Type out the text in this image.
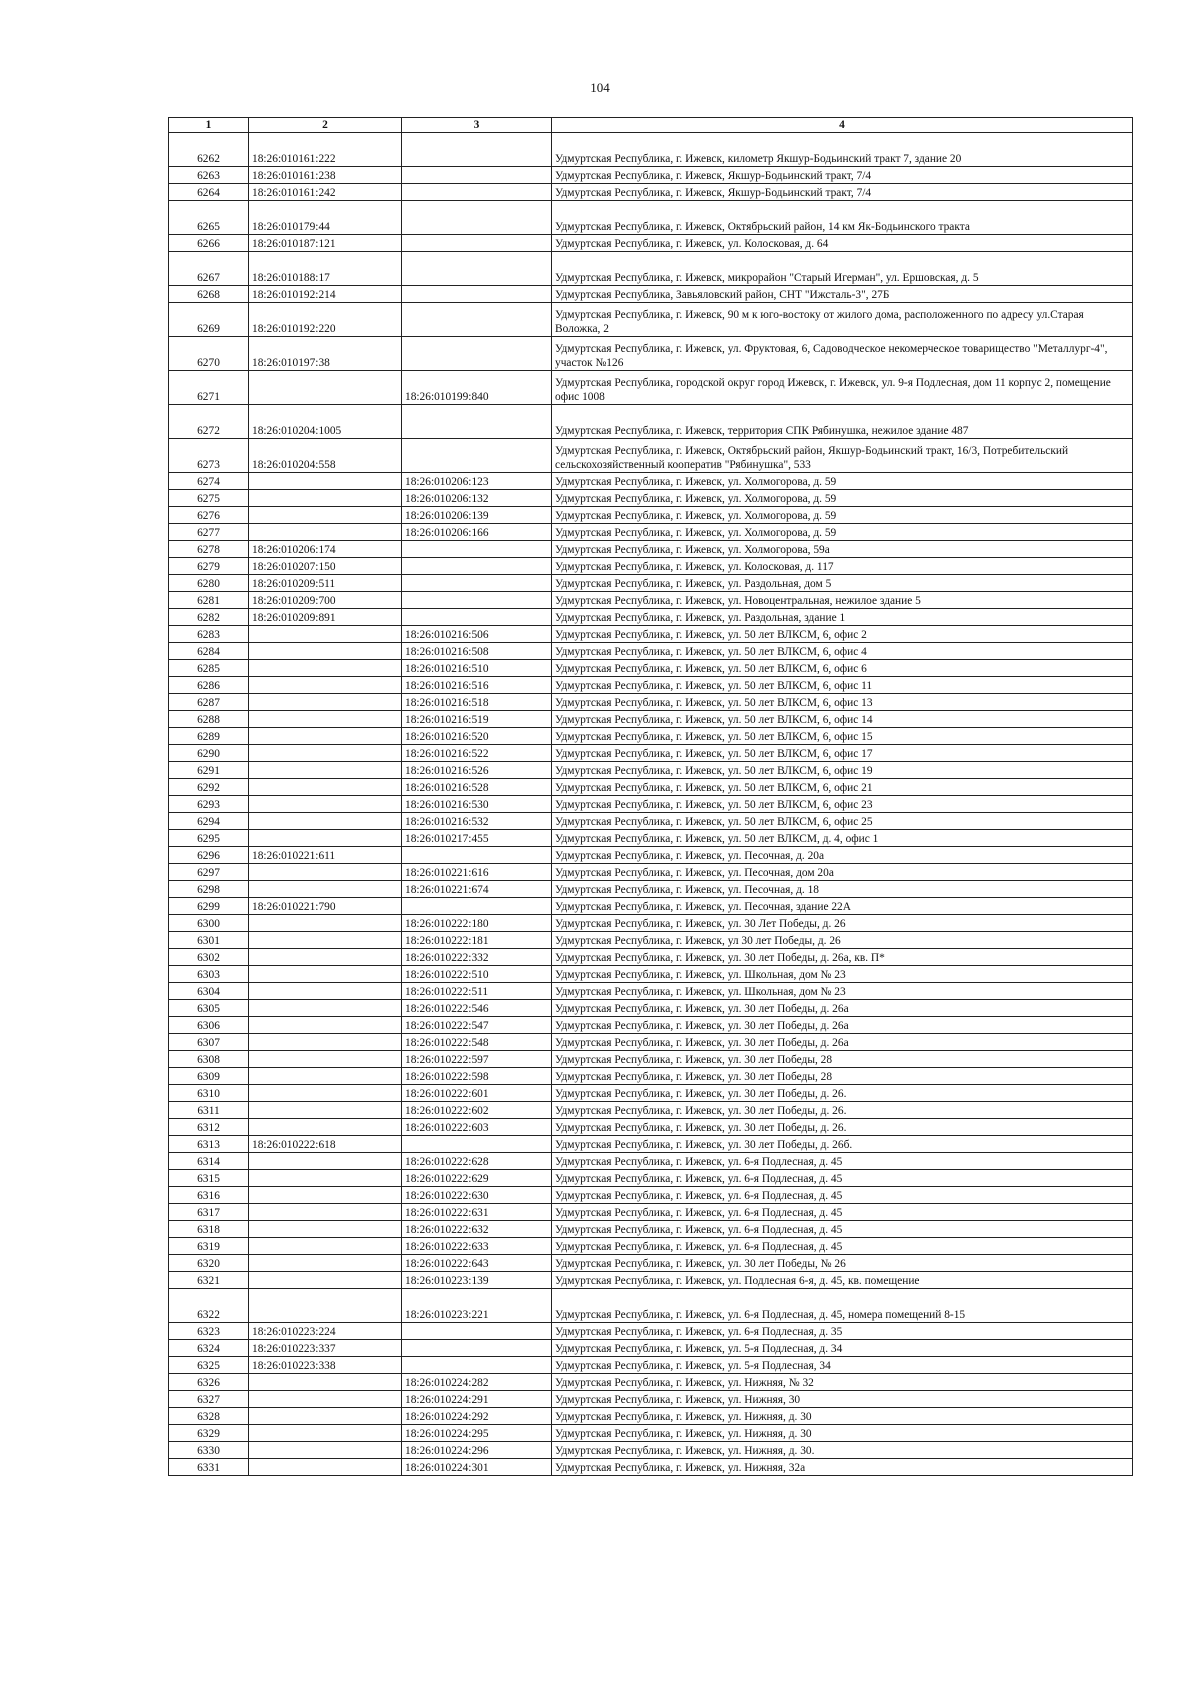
104
1	2	3	4
6262	18:26:010161:222		Удмуртская Республика, г. Ижевск, километр Якшур-Бодьинский тракт 7, здание 20
6263	18:26:010161:238		Удмуртская Республика, г. Ижевск, Якшур-Бодьинский тракт, 7/4
6264	18:26:010161:242		Удмуртская Республика, г. Ижевск, Якшур-Бодьинский тракт, 7/4
6265	18:26:010179:44		Удмуртская Республика, г. Ижевск, Октябрьский район, 14 км Як-Бодьинского тракта
6266	18:26:010187:121		Удмуртская Республика, г. Ижевск, ул. Колосковая, д. 64
6267	18:26:010188:17		Удмуртская Республика, г. Ижевск, микрорайон "Старый Игерман", ул. Ершовская, д. 5
6268	18:26:010192:214		Удмуртская Республика, Завьяловский район, СНТ "Ижсталь-3", 27Б
6269	18:26:010192:220		Удмуртская Республика, г. Ижевск, 90 м к юго-востоку от жилого дома, расположенного по адресу ул.Старая Воложка, 2
6270	18:26:010197:38		Удмуртская Республика, г. Ижевск, ул. Фруктовая, 6, Садоводческое некомерческое товарищество "Металлург-4", участок №126
6271		18:26:010199:840	Удмуртская Республика, городской округ город Ижевск, г. Ижевск, ул. 9-я Подлесная, дом 11 корпус 2, помещение офис 1008
6272	18:26:010204:1005		Удмуртская Республика, г. Ижевск, территория СПК Рябинушка, нежилое здание 487
6273	18:26:010204:558		Удмуртская Республика, г. Ижевск, Октябрьский район, Якшур-Бодьинский тракт, 16/3, Потребительский сельскохозяйственный кооператив "Рябинушка", 533
6274		18:26:010206:123	Удмуртская Республика, г. Ижевск, ул. Холмогорова, д. 59
6275		18:26:010206:132	Удмуртская Республика, г. Ижевск, ул. Холмогорова, д. 59
6276		18:26:010206:139	Удмуртская Республика, г. Ижевск, ул. Холмогорова, д. 59
6277		18:26:010206:166	Удмуртская Республика, г. Ижевск, ул. Холмогорова, д. 59
6278	18:26:010206:174		Удмуртская Республика, г. Ижевск, ул. Холмогорова, 59а
6279	18:26:010207:150		Удмуртская Республика, г. Ижевск, ул. Колосковая, д. 117
6280	18:26:010209:511		Удмуртская Республика, г. Ижевск, ул. Раздольная, дом 5
6281	18:26:010209:700		Удмуртская Республика, г. Ижевск, ул. Новоцентральная, нежилое здание 5
6282	18:26:010209:891		Удмуртская Республика, г. Ижевск, ул. Раздольная, здание 1
6283		18:26:010216:506	Удмуртская Республика, г. Ижевск, ул. 50 лет ВЛКСМ, 6, офис 2
6284		18:26:010216:508	Удмуртская Республика, г. Ижевск, ул. 50 лет ВЛКСМ, 6, офис 4
6285		18:26:010216:510	Удмуртская Республика, г. Ижевск, ул. 50 лет ВЛКСМ, 6, офис 6
6286		18:26:010216:516	Удмуртская Республика, г. Ижевск, ул. 50 лет ВЛКСМ, 6, офис 11
6287		18:26:010216:518	Удмуртская Республика, г. Ижевск, ул. 50 лет ВЛКСМ, 6, офис 13
6288		18:26:010216:519	Удмуртская Республика, г. Ижевск, ул. 50 лет ВЛКСМ, 6, офис 14
6289		18:26:010216:520	Удмуртская Республика, г. Ижевск, ул. 50 лет ВЛКСМ, 6, офис 15
6290		18:26:010216:522	Удмуртская Республика, г. Ижевск, ул. 50 лет ВЛКСМ, 6, офис 17
6291		18:26:010216:526	Удмуртская Республика, г. Ижевск, ул. 50 лет ВЛКСМ, 6, офис 19
6292		18:26:010216:528	Удмуртская Республика, г. Ижевск, ул. 50 лет ВЛКСМ, 6, офис 21
6293		18:26:010216:530	Удмуртская Республика, г. Ижевск, ул. 50 лет ВЛКСМ, 6, офис 23
6294		18:26:010216:532	Удмуртская Республика, г. Ижевск, ул. 50 лет ВЛКСМ, 6, офис 25
6295		18:26:010217:455	Удмуртская Республика, г. Ижевск, ул. 50 лет ВЛКСМ, д. 4, офис 1
6296	18:26:010221:611		Удмуртская Республика, г. Ижевск, ул. Песочная, д. 20а
6297		18:26:010221:616	Удмуртская Республика, г. Ижевск, ул. Песочная, дом 20а
6298		18:26:010221:674	Удмуртская Республика, г. Ижевск, ул. Песочная, д. 18
6299	18:26:010221:790		Удмуртская Республика, г. Ижевск, ул. Песочная, здание 22А
6300		18:26:010222:180	Удмуртская Республика, г. Ижевск, ул. 30 Лет Победы, д. 26
6301		18:26:010222:181	Удмуртская Республика, г. Ижевск, ул 30 лет Победы, д. 26
6302		18:26:010222:332	Удмуртская Республика, г. Ижевск, ул. 30 лет Победы, д. 26а, кв. П*
6303		18:26:010222:510	Удмуртская Республика, г. Ижевск, ул. Школьная, дом № 23
6304		18:26:010222:511	Удмуртская Республика, г. Ижевск, ул. Школьная, дом № 23
6305		18:26:010222:546	Удмуртская Республика, г. Ижевск, ул. 30 лет Победы, д. 26а
6306		18:26:010222:547	Удмуртская Республика, г. Ижевск, ул. 30 лет Победы, д. 26а
6307		18:26:010222:548	Удмуртская Республика, г. Ижевск, ул. 30 лет Победы, д. 26а
6308		18:26:010222:597	Удмуртская Республика, г. Ижевск, ул. 30 лет Победы, 28
6309		18:26:010222:598	Удмуртская Республика, г. Ижевск, ул. 30 лет Победы, 28
6310		18:26:010222:601	Удмуртская Республика, г. Ижевск, ул. 30 лет Победы, д. 26.
6311		18:26:010222:602	Удмуртская Республика, г. Ижевск, ул. 30 лет Победы, д. 26.
6312		18:26:010222:603	Удмуртская Республика, г. Ижевск, ул. 30 лет Победы, д. 26.
6313	18:26:010222:618		Удмуртская Республика, г. Ижевск, ул. 30 лет Победы, д. 26б.
6314		18:26:010222:628	Удмуртская Республика, г. Ижевск, ул. 6-я Подлесная, д. 45
6315		18:26:010222:629	Удмуртская Республика, г. Ижевск, ул. 6-я Подлесная, д. 45
6316		18:26:010222:630	Удмуртская Республика, г. Ижевск, ул. 6-я Подлесная, д. 45
6317		18:26:010222:631	Удмуртская Республика, г. Ижевск, ул. 6-я Подлесная, д. 45
6318		18:26:010222:632	Удмуртская Республика, г. Ижевск, ул. 6-я Подлесная, д. 45
6319		18:26:010222:633	Удмуртская Республика, г. Ижевск, ул. 6-я Подлесная, д. 45
6320		18:26:010222:643	Удмуртская Республика, г. Ижевск, ул. 30 лет Победы, № 26
6321		18:26:010223:139	Удмуртская Республика, г. Ижевск, ул. Подлесная 6-я, д. 45, кв. помещение
6322		18:26:010223:221	Удмуртская Республика, г. Ижевск, ул. 6-я Подлесная, д. 45, номера помещений 8-15
6323	18:26:010223:224		Удмуртская Республика, г. Ижевск, ул. 6-я Подлесная, д. 35
6324	18:26:010223:337		Удмуртская Республика, г. Ижевск, ул. 5-я Подлесная, д. 34
6325	18:26:010223:338		Удмуртская Республика, г. Ижевск, ул. 5-я Подлесная, 34
6326		18:26:010224:282	Удмуртская Республика, г. Ижевск, ул. Нижняя, № 32
6327		18:26:010224:291	Удмуртская Республика, г. Ижевск, ул. Нижняя, 30
6328		18:26:010224:292	Удмуртская Республика, г. Ижевск, ул. Нижняя, д. 30
6329		18:26:010224:295	Удмуртская Республика, г. Ижевск, ул. Нижняя, д. 30
6330		18:26:010224:296	Удмуртская Республика, г. Ижевск, ул. Нижняя, д. 30.
6331		18:26:010224:301	Удмуртская Республика, г. Ижевск, ул. Нижняя, 32а
